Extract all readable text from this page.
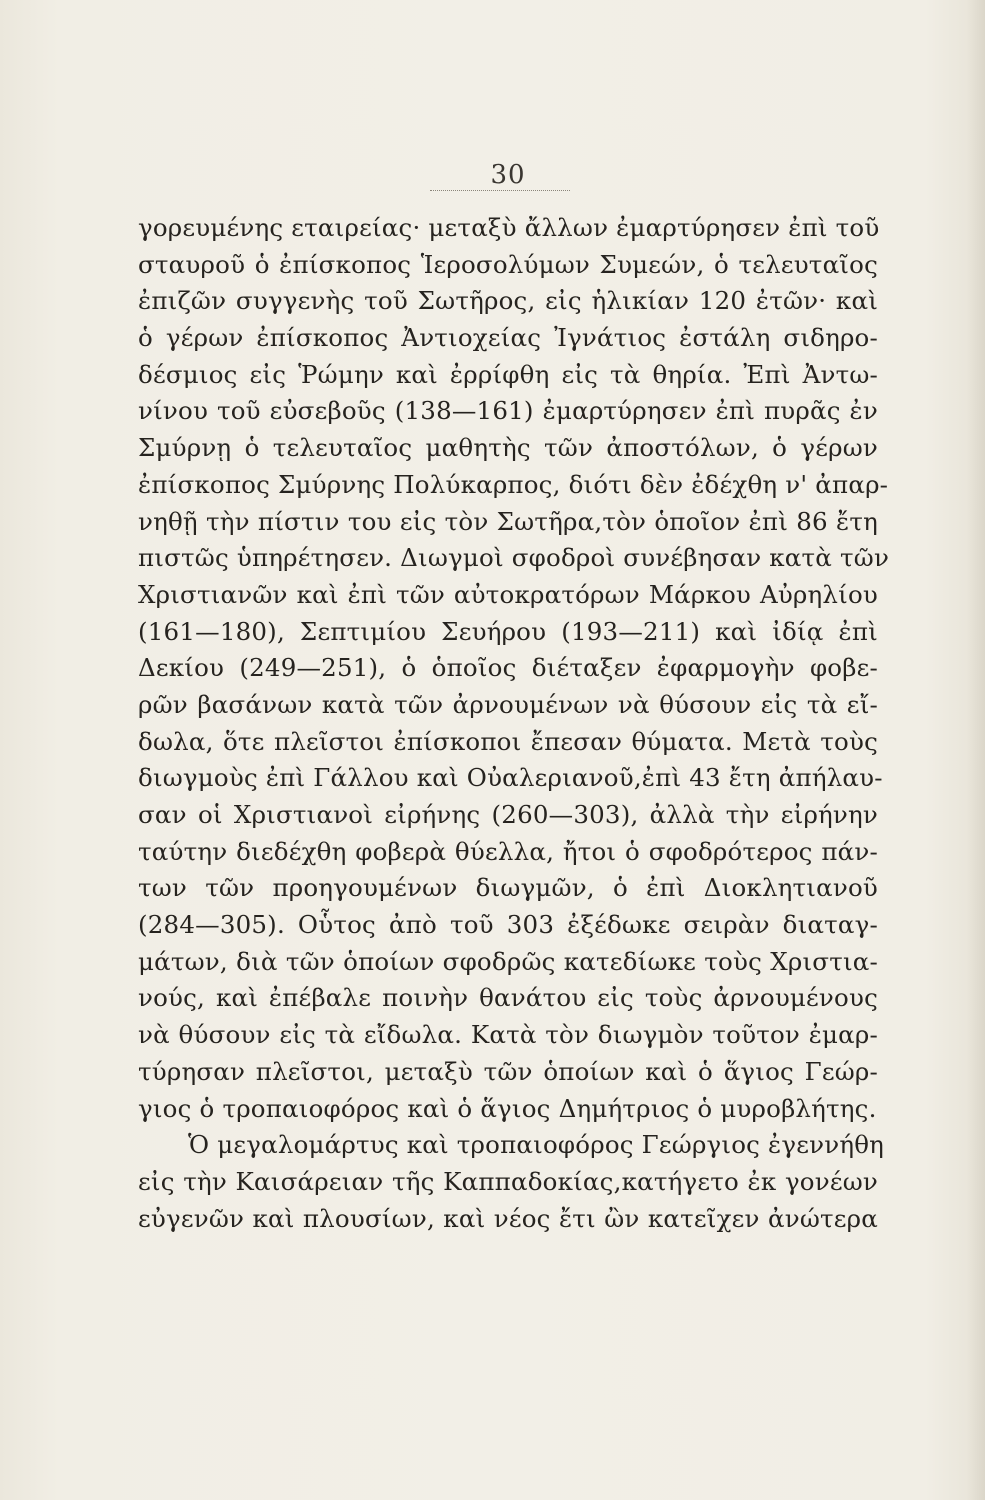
30
γορευμένης εταιρείας· μεταξὺ ἄλλων ἐμαρτύρησεν ἐπὶ τοῦ
σταυροῦ ὁ ἐπίσκοπος Ἱεροσολύμων Συμεών, ὁ τελευταῖος
ἐπιζῶν συγγενὴς τοῦ Σωτῆρος, εἰς ἡλικίαν 120 ἐτῶν· καὶ
ὁ γέρων ἐπίσκοπος Ἀντιοχείας Ἰγνάτιος ἐστάλη σιδηρο-
δέσμιος εἰς Ῥώμην καὶ ἐρρίφθη εἰς τὰ θηρία. Ἐπὶ Ἀντω-
νίνου τοῦ εὐσεβοῦς (138—161) ἐμαρτύρησεν ἐπὶ πυρᾶς ἐν
Σμύρνῃ ὁ τελευταῖος μαθητὴς τῶν ἀποστόλων, ὁ γέρων
ἐπίσκοπος Σμύρνης Πολύκαρπος, διότι δὲν ἐδέχθη ν' ἀπαρ-
νηθῇ τὴν πίστιν του εἰς τὸν Σωτῆρα,τὸν ὁποῖον ἐπὶ 86 ἔτη
πιστῶς ὑπηρέτησεν. Διωγμοὶ σφοδροὶ συνέβησαν κατὰ τῶν
Χριστιανῶν καὶ ἐπὶ τῶν αὐτοκρατόρων Μάρκου Αὐρηλίου
(161—180), Σεπτιμίου Σευήρου (193—211) καὶ ἰδίᾳ ἐπὶ
Δεκίου (249—251), ὁ ὁποῖος διέταξεν ἐφαρμογὴν φοβε-
ρῶν βασάνων κατὰ τῶν ἀρνουμένων νὰ θύσουν εἰς τὰ εἴ-
δωλα, ὅτε πλεῖστοι ἐπίσκοποι ἔπεσαν θύματα. Μετὰ τοὺς
διωγμοὺς ἐπὶ Γάλλου καὶ Οὐαλεριανοῦ,ἐπὶ 43 ἔτη ἀπήλαυ-
σαν οἱ Χριστιανοὶ εἰρήνης (260—303), ἀλλὰ τὴν εἰρήνην
ταύτην διεδέχθη φοβερὰ θύελλα, ἤτοι ὁ σφοδρότερος πάν-
των τῶν προηγουμένων διωγμῶν, ὁ ἐπὶ Διοκλητιανοῦ
(284—305). Οὗτος ἀπὸ τοῦ 303 ἐξέδωκε σειρὰν διαταγ-
μάτων, διὰ τῶν ὁποίων σφοδρῶς κατεδίωκε τοὺς Χριστια-
νούς, καὶ ἐπέβαλε ποινὴν θανάτου εἰς τοὺς ἀρνουμένους
νὰ θύσουν εἰς τὰ εἴδωλα. Κατὰ τὸν διωγμὸν τοῦτον ἐμαρ-
τύρησαν πλεῖστοι, μεταξὺ τῶν ὁποίων καὶ ὁ ἅγιος Γεώρ-
γιος ὁ τροπαιοφόρος καὶ ὁ ἅγιος Δημήτριος ὁ μυροβλήτης.
Ὁ μεγαλομάρτυς καὶ τροπαιοφόρος Γεώργιος ἐγεννήθη
εἰς τὴν Καισάρειαν τῆς Καππαδοκίας,κατήγετο ἐκ γονέων
εὐγενῶν καὶ πλουσίων, καὶ νέος ἔτι ὢν κατεῖχεν ἀνώτερα
